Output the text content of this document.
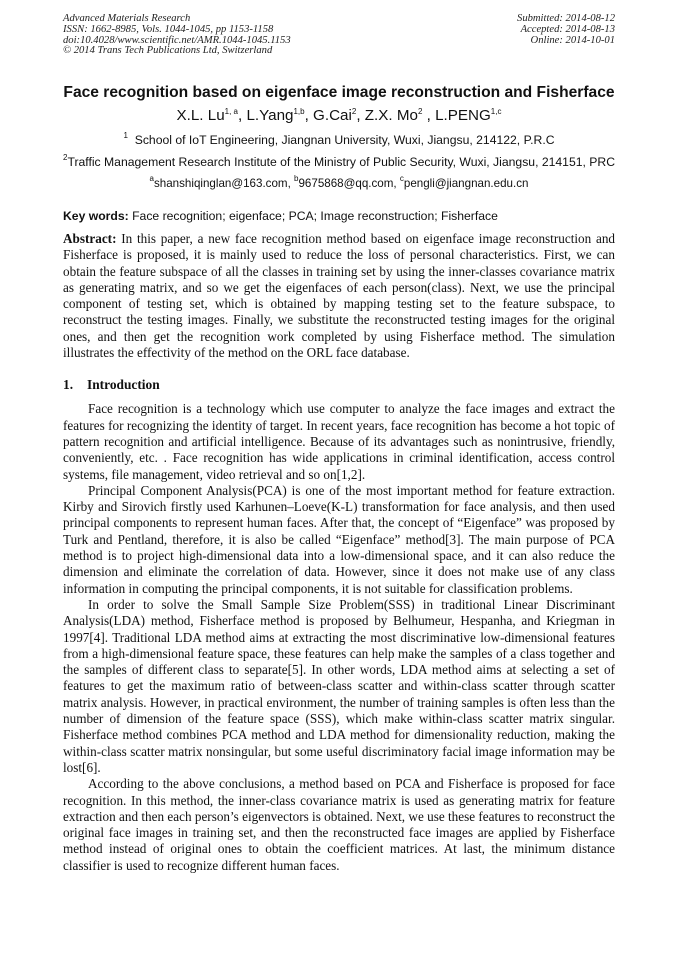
Advanced Materials Research
ISSN: 1662-8985, Vols. 1044-1045, pp 1153-1158
doi:10.4028/www.scientific.net/AMR.1044-1045.1153
© 2014 Trans Tech Publications Ltd, Switzerland
Submitted: 2014-08-12
Accepted: 2014-08-13
Online: 2014-10-01
Face recognition based on eigenface image reconstruction and Fisherface
X.L. Lu$^{1, a}$, L.Yang$^{1,b}$, G.Cai$^2$, Z.X. Mo$^2$ , L.PENG$^{1,c}$
$^1$ School of IoT Engineering, Jiangnan University, Wuxi, Jiangsu, 214122, P.R.C
$^2$Traffic Management Research Institute of the Ministry of Public Security, Wuxi, Jiangsu, 214151, PRC
$^a$shanshiqinglan@163.com, $^b$9675868@qq.com, $^c$pengli@jiangnan.edu.cn
Key words: Face recognition; eigenface; PCA; Image reconstruction; Fisherface
Abstract: In this paper, a new face recognition method based on eigenface image reconstruction and Fisherface is proposed, it is mainly used to reduce the loss of personal characteristics. First, we can obtain the feature subspace of all the classes in training set by using the inner-classes covariance matrix as generating matrix, and so we get the eigenfaces of each person(class). Next, we use the principal component of testing set, which is obtained by mapping testing set to the feature subspace, to reconstruct the testing images. Finally, we substitute the reconstructed testing images for the original ones, and then get the recognition work completed by using Fisherface method. The simulation illustrates the effectivity of the method on the ORL face database.
1. Introduction

Face recognition is a technology which use computer to analyze the face images and extract the features for recognizing the identity of target. In recent years, face recognition has become a hot topic of pattern recognition and artificial intelligence. Because of its advantages such as nonintrusive, friendly, conveniently, etc. . Face recognition has wide applications in criminal identification, access control systems, file management, video retrieval and so on[1,2].

Principal Component Analysis(PCA) is one of the most important method for feature extraction. Kirby and Sirovich firstly used Karhunen–Loeve(K-L) transformation for face analysis, and then used principal components to represent human faces. After that, the concept of “Eigenface” was proposed by Turk and Pentland, therefore, it is also be called “Eigenface” method[3]. The main purpose of PCA method is to project high-dimensional data into a low-dimensional space, and it can also reduce the dimension and eliminate the correlation of data. However, since it does not make use of any class information in computing the principal components, it is not suitable for classification problems.

In order to solve the Small Sample Size Problem(SSS) in traditional Linear Discriminant Analysis(LDA) method, Fisherface method is proposed by Belhumeur, Hespanha, and Kriegman in 1997[4]. Traditional LDA method aims at extracting the most discriminative low-dimensional features from a high-dimensional feature space, these features can help make the samples of a class together and the samples of different class to separate[5]. In other words, LDA method aims at selecting a set of features to get the maximum ratio of between-class scatter and within-class scatter through scatter matrix analysis. However, in practical environment, the number of training samples is often less than the number of dimension of the feature space (SSS), which make within-class scatter matrix singular. Fisherface method combines PCA method and LDA method for dimensionality reduction, making the within-class scatter matrix nonsingular, but some useful discriminatory facial image information may be lost[6].

According to the above conclusions, a method based on PCA and Fisherface is proposed for face recognition. In this method, the inner-class covariance matrix is used as generating matrix for feature extraction and then each person’s eigenvectors is obtained. Next, we use these features to reconstruct the original face images in training set, and then the reconstructed face images are applied by Fisherface method instead of original ones to obtain the coefficient matrices. At last, the minimum distance classifier is used to recognize different human faces.
